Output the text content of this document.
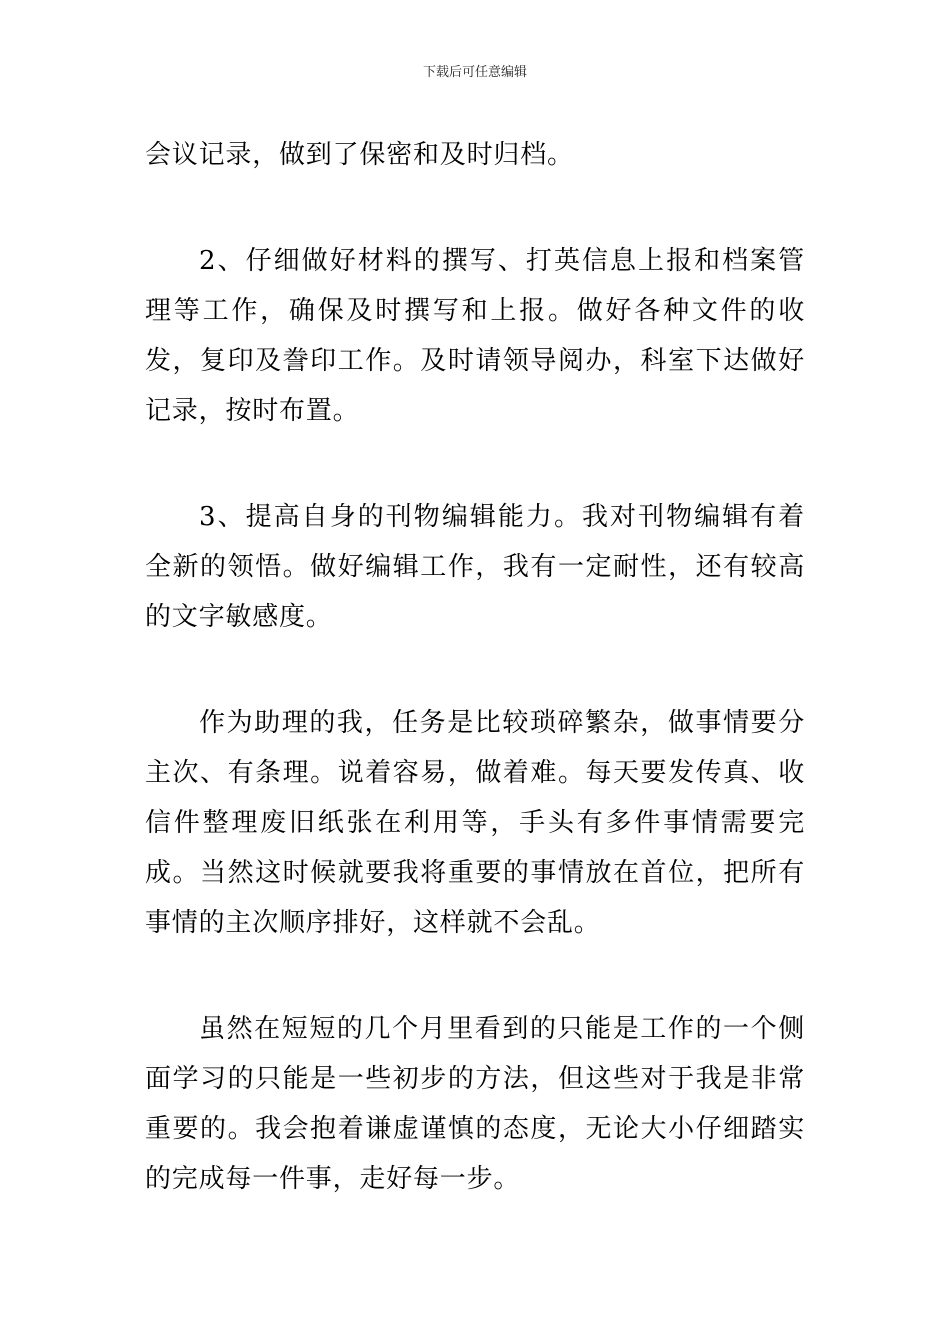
下载后可任意编辑

会议记录，做到了保密和及时归档。

2、仔细做好材料的撰写、打英信息上报和档案管理等工作，确保及时撰写和上报。做好各种文件的收发，复印及誊印工作。及时请领导阅办，科室下达做好记录，按时布置。

3、提高自身的刊物编辑能力。我对刊物编辑有着全新的领悟。做好编辑工作，我有一定耐性，还有较高的文字敏感度。

作为助理的我，任务是比较琐碎繁杂，做事情要分主次、有条理。说着容易，做着难。每天要发传真、收信件整理废旧纸张在利用等，手头有多件事情需要完成。当然这时候就要我将重要的事情放在首位，把所有事情的主次顺序排好，这样就不会乱。

虽然在短短的几个月里看到的只能是工作的一个侧面学习的只能是一些初步的方法，但这些对于我是非常重要的。我会抱着谦虚谨慎的态度，无论大小仔细踏实的完成每一件事，走好每一步。
